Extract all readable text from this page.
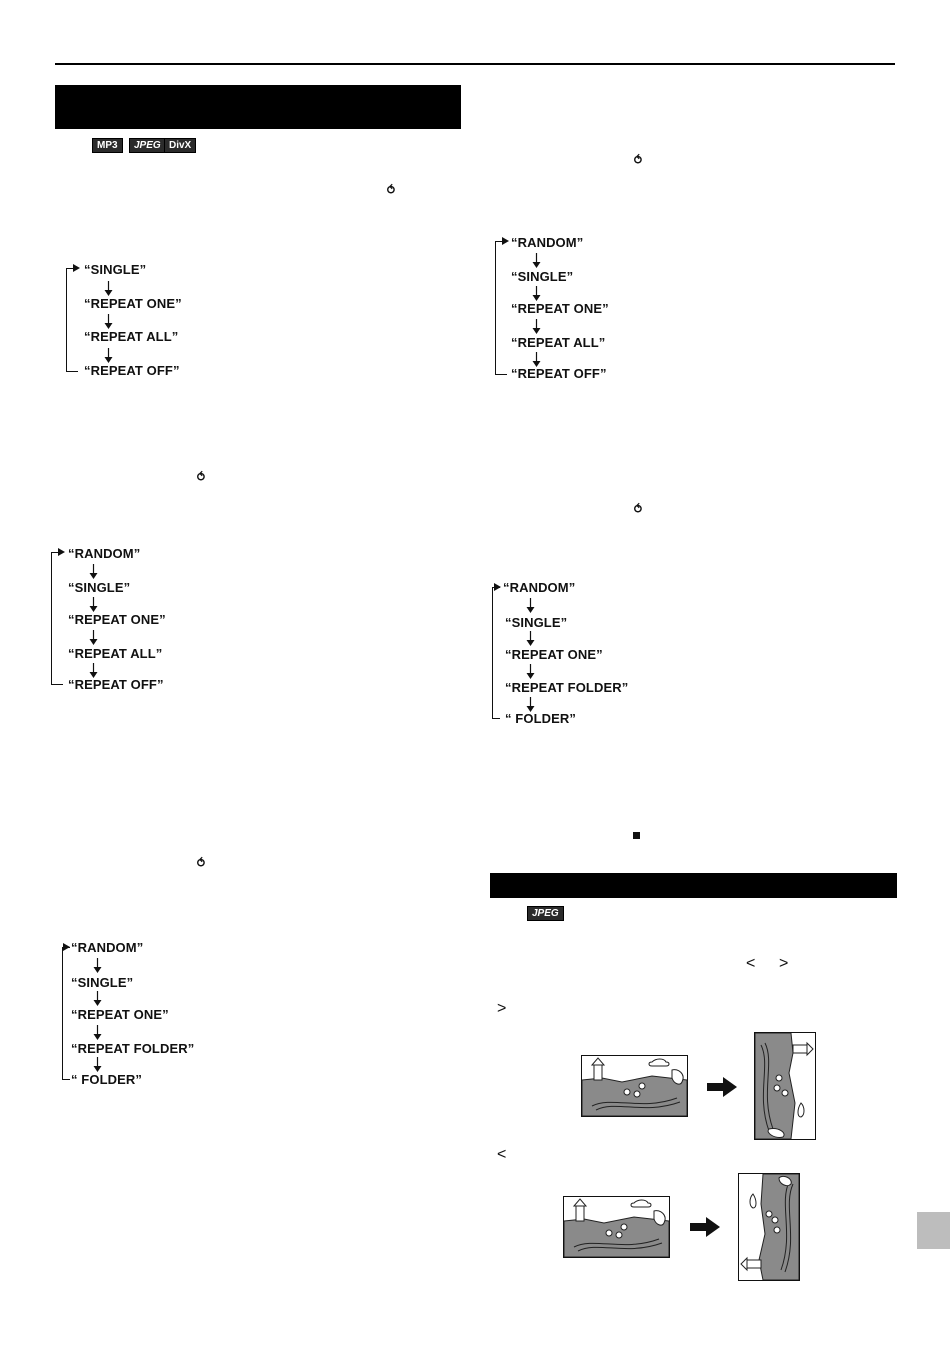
MP3	JPEG DivX
⥀
⥀
⥀
⥀
⥀
“SINGLE”
“REPEAT ONE”
“REPEAT ALL”
“REPEAT OFF”
“RANDOM”
“SINGLE”
“REPEAT ONE”
“REPEAT ALL”
“REPEAT OFF”
“RANDOM”
“SINGLE”
“REPEAT ONE”
“REPEAT FOLDER”
“ FOLDER”
“RANDOM”
“SINGLE”
“REPEAT ONE”
“REPEAT ALL”
“REPEAT OFF”
“RANDOM”
“SINGLE”
“REPEAT ONE”
“REPEAT FOLDER”
“ FOLDER”
JPEG
< >
>
<
